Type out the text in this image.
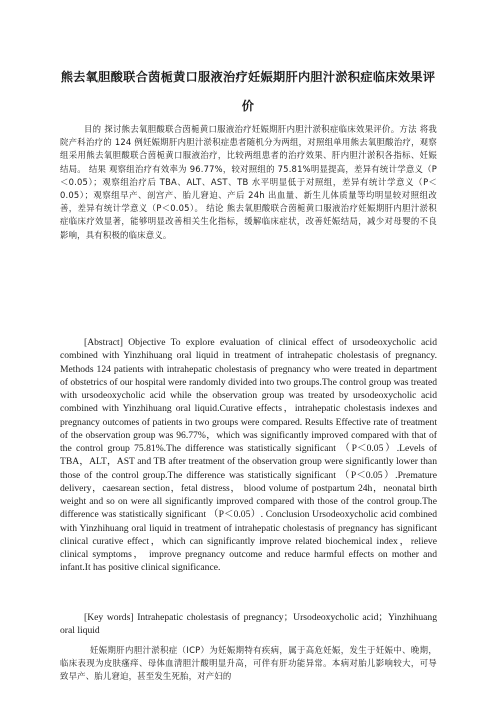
熊去氧胆酸联合茵栀黄口服液治疗妊娠期肝内胆汁淤积症临床效果评价
目的 探讨熊去氧胆酸联合茵栀黄口服液治疗妊娠期肝内胆汁淤积症临床效果评价。方法 将我院产科治疗的 124 例妊娠期肝内胆汁淤积症患者随机分为两组，对照组单用熊去氧胆酸治疗，观察组采用熊去氧胆酸联合茵栀黄口服液治疗，比较两组患者的治疗效果、肝内胆汁淤积各指标、妊娠结局。 结果 观察组治疗有效率为 96.77%，较对照组的 75.81%明显提高，差异有统计学意义（P＜0.05）；观察组治疗后 TBA、ALT、AST、TB 水平明显低于对照组，差异有统计学意义（P＜0.05）；观察组早产、剖宫产、胎儿窘迫、产后 24h 出血量、新生儿体质量等均明显较对照组改善，差异有统计学意义（P＜0.05）。 结论 熊去氧胆酸联合茵栀黄口服液治疗妊娠期肝内胆汁淤积症临床疗效显著，能够明显改善相关生化指标，缓解临床症状，改善妊娠结局，减少对母婴的不良影响，具有积极的临床意义。
[Abstract] Objective To explore evaluation of clinical effect of ursodeoxycholic acid combined with Yinzhihuang oral liquid in treatment of intrahepatic cholestasis of pregnancy. Methods 124 patients with intrahepatic cholestasis of pregnancy who were treated in department of obstetrics of our hospital were randomly divided into two groups.The control group was treated with ursodeoxycholic acid while the observation group was treated by ursodeoxycholic acid combined with Yinzhihuang oral liquid.Curative effects，intrahepatic cholestasis indexes and pregnancy outcomes of patients in two groups were compared. Results Effective rate of treatment of the observation group was 96.77%，which was significantly improved compared with that of the control group 75.81%.The difference was statistically significant （P＜0.05）.Levels of TBA，ALT，AST and TB after treatment of the observation group were significantly lower than those of the control group.The difference was statistically significant （P＜0.05）.Premature delivery，caesarean section，fetal distress， blood volume of postpartum 24h，neonatal birth weight and so on were all significantly improved compared with those of the control group.The difference was statistically significant （P＜0.05）. Conclusion Ursodeoxycholic acid combined with Yinzhihuang oral liquid in treatment of intrahepatic cholestasis of pregnancy has significant clinical curative effect，which can significantly improve related biochemical index，relieve clinical symptoms， improve pregnancy outcome and reduce harmful effects on mother and infant.It has positive clinical significance.
[Key words] Intrahepatic cholestasis of pregnancy；Ursodeoxycholic acid；Yinzhihuang oral liquid
妊娠期肝内胆汁淤积症（ICP）为妊娠期特有疾病，属于高危妊娠，发生于妊娠中、晚期，临床表现为皮肤瘙痒、母体血清胆汁酸明显升高，可伴有肝功能异常。本病对胎儿影响较大，可导致早产、胎儿窘迫，甚至发生死胎，对产妇的
